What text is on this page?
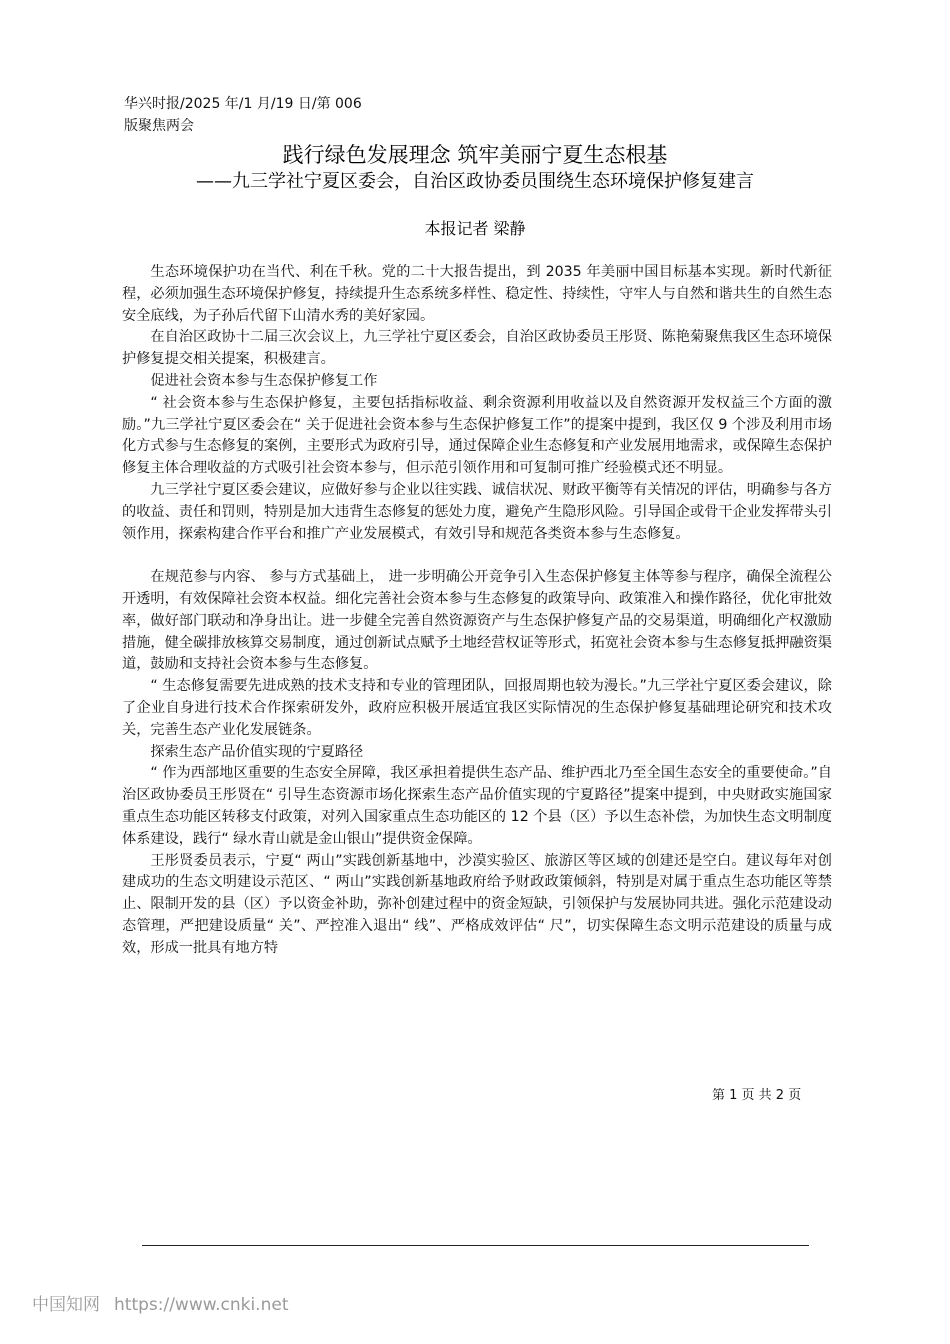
华兴时报/2025 年/1 月/19 日/第 006
版聚焦两会
践行绿色发展理念 筑牢美丽宁夏生态根基
——九三学社宁夏区委会，自治区政协委员围绕生态环境保护修复建言
本报记者 梁静

生态环境保护功在当代、利在千秋。党的二十大报告提出，到 2035 年美丽中国目标基本实现。新时代新征程，必须加强生态环境保护修复，持续提升生态系统多样性、稳定性、持续性，守牢人与自然和谐共生的自然生态安全底线，为子孙后代留下山清水秀的美好家园。

在自治区政协十二届三次会议上，九三学社宁夏区委会，自治区政协委员王彤贤、陈艳菊聚焦我区生态环境保护修复提交相关提案，积极建言。

促进社会资本参与生态保护修复工作

“ 社会资本参与生态保护修复，主要包括指标收益、剩余资源利用收益以及自然资源开发权益三个方面的激励。”九三学社宁夏区委会在“ 关于促进社会资本参与生态保护修复工作”的提案中提到，我区仅 9 个涉及利用市场化方式参与生态修复的案例，主要形式为政府引导，通过保障企业生态修复和产业发展用地需求，或保障生态保护修复主体合理收益的方式吸引社会资本参与，但示范引领作用和可复制可推广经验模式还不明显。

九三学社宁夏区委会建议，应做好参与企业以往实践、诚信状况、财政平衡等有关情况的评估，明确参与各方的收益、责任和罚则，特别是加大违背生态修复的惩处力度，避免产生隐形风险。引导国企或骨干企业发挥带头引领作用，探索构建合作平台和推广产业发展模式，有效引导和规范各类资本参与生态修复。

在规范参与内容、 参与方式基础上， 进一步明确公开竞争引入生态保护修复主体等参与程序，确保全流程公开透明，有效保障社会资本权益。细化完善社会资本参与生态修复的政策导向、政策准入和操作路径，优化审批效率，做好部门联动和净身出让。进一步健全完善自然资源资产与生态保护修复产品的交易渠道，明确细化产权激励措施，健全碳排放核算交易制度，通过创新试点赋予土地经营权证等形式，拓宽社会资本参与生态修复抵押融资渠道，鼓励和支持社会资本参与生态修复。

“ 生态修复需要先进成熟的技术支持和专业的管理团队，回报周期也较为漫长。”九三学社宁夏区委会建议，除了企业自身进行技术合作探索研发外，政府应积极开展适宜我区实际情况的生态保护修复基础理论研究和技术攻关，完善生态产业化发展链条。

探索生态产品价值实现的宁夏路径

“ 作为西部地区重要的生态安全屏障，我区承担着提供生态产品、维护西北乃至全国生态安全的重要使命。”自治区政协委员王彤贤在“ 引导生态资源市场化探索生态产品价值实现的宁夏路径”提案中提到，中央财政实施国家重点生态功能区转移支付政策，对列入国家重点生态功能区的 12 个县（区）予以生态补偿，为加快生态文明制度体系建设，践行“ 绿水青山就是金山银山”提供资金保障。

王彤贤委员表示，宁夏“ 两山”实践创新基地中，沙漠实验区、旅游区等区域的创建还是空白。建议每年对创建成功的生态文明建设示范区、“ 两山”实践创新基地政府给予财政政策倾斜，特别是对属于重点生态功能区等禁止、限制开发的县（区）予以资金补助，弥补创建过程中的资金短缺，引领保护与发展协同共进。强化示范建设动态管理，严把建设质量“ 关”、严控准入退出“ 线”、严格成效评估“ 尺”，切实保障生态文明示范建设的质量与成效，形成一批具有地方特

第 1 页 共 2 页
中国知网 https://www.cnki.net
